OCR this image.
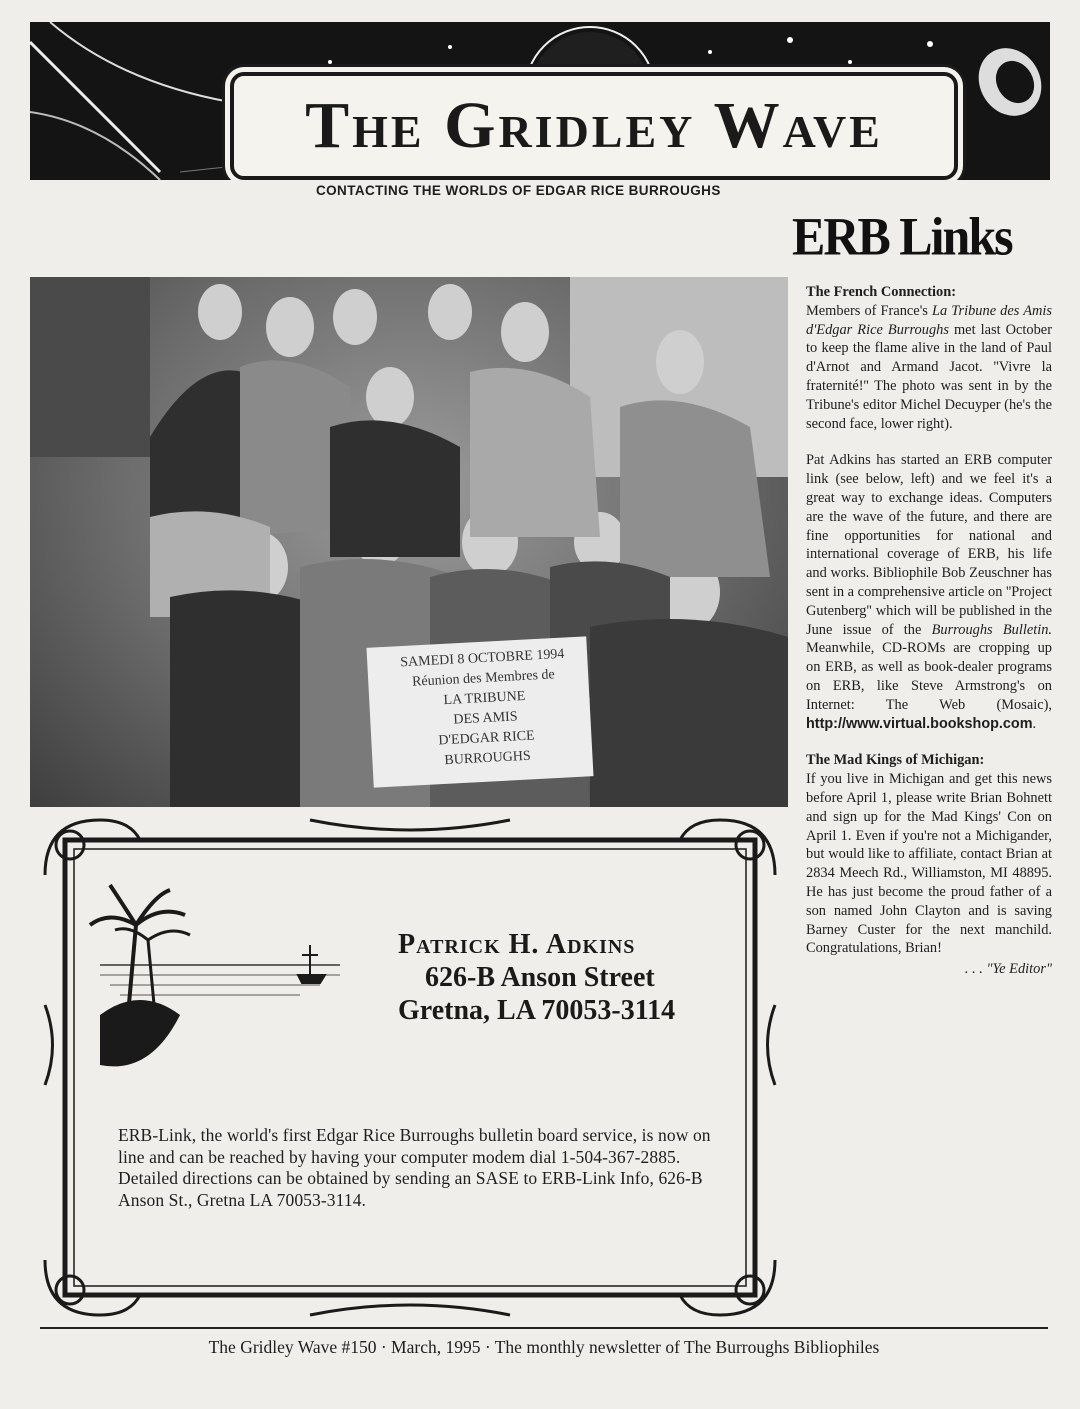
The Gridley Wave
CONTACTING THE WORLDS OF EDGAR RICE BURROUGHS
ERB Links
SAMEDI 8 OCTOBRE 1994
Réunion des Membres de
LA TRIBUNE
DES AMIS
D'EDGAR RICE
BURROUGHS
Patrick H. Adkins
626-B Anson Street
Gretna, LA 70053-3114
ERB-Link, the world's first Edgar Rice Burroughs bulletin board service, is now on line and can be reached by having your computer modem dial 1-504-367-2885. Detailed directions can be obtained by sending an SASE to ERB-Link Info, 626-B Anson St., Gretna LA 70053-3114.

The French Connection:
Members of France's La Tribune des Amis d'Edgar Rice Burroughs met last October to keep the flame alive in the land of Paul d'Arnot and Armand Jacot. ''Vivre la fraternité!'' The photo was sent in by the Tribune's editor Michel Decuyper (he's the second face, lower right).

Pat Adkins has started an ERB computer link (see below, left) and we feel it's a great way to exchange ideas. Computers are the wave of the future, and there are fine opportunities for national and international coverage of ERB, his life and works. Bibliophile Bob Zeuschner has sent in a comprehensive article on ''Project Gutenberg'' which will be published in the June issue of the Burroughs Bulletin. Meanwhile, CD-ROMs are cropping up on ERB, as well as book-dealer programs on ERB, like Steve Armstrong's on Internet: The Web (Mosaic), http://www.virtual.bookshop.com.

The Mad Kings of Michigan:
If you live in Michigan and get this news before April 1, please write Brian Bohnett and sign up for the Mad Kings' Con on April 1. Even if you're not a Michigander, but would like to affiliate, contact Brian at 2834 Meech Rd., Williamston, MI 48895. He has just become the proud father of a son named John Clayton and is saving Barney Custer for the next manchild. Congratulations, Brian!

. . . "Ye Editor"
The Gridley Wave #150 · March, 1995 · The monthly newsletter of The Burroughs Bibliophiles
